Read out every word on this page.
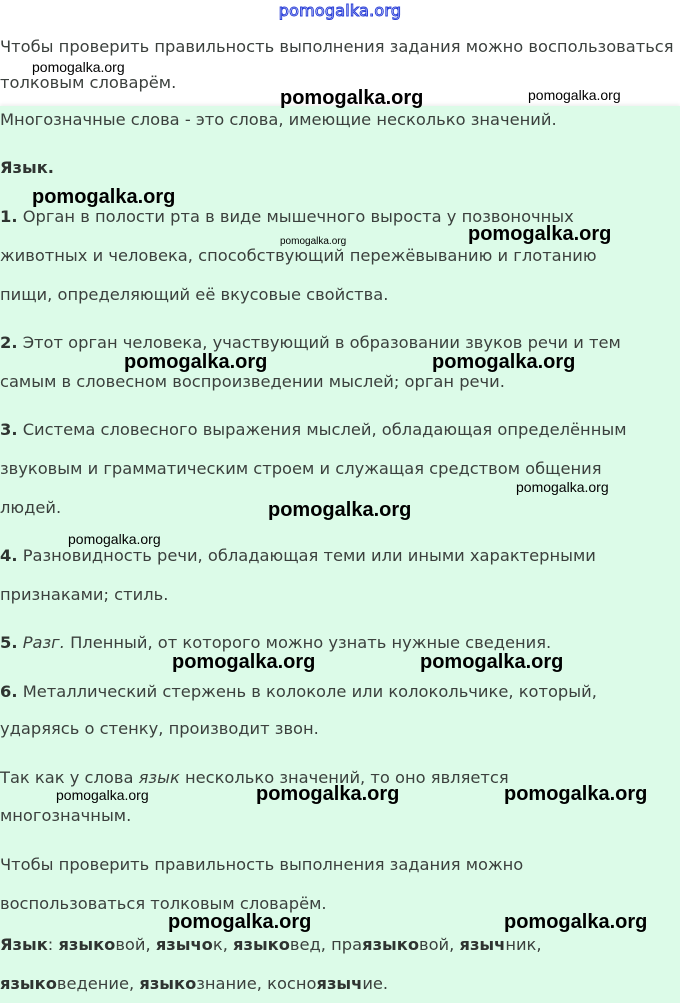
pomogalka.org
Чтобы проверить правильность выполнения задания можно воспользоваться
толковым словарём.
Многозначные слова - это слова, имеющие несколько значений.
Язык.
1. Орган в полости рта в виде мышечного выроста у позвоночных
животных и человека, способствующий пережёвыванию и глотанию
пищи, определяющий её вкусовые свойства.
2. Этот орган человека, участвующий в образовании звуков речи и тем
самым в словесном воспроизведении мыслей; орган речи.
3. Система словесного выражения мыслей, обладающая определённым
звуковым и грамматическим строем и служащая средством общения
людей.
4. Разновидность речи, обладающая теми или иными характерными
признаками; стиль.
5. Разг. Пленный, от которого можно узнать нужные сведения.
6. Металлический стержень в колоколе или колокольчике, который,
ударяясь о стенку, производит звон.
Так как у слова язык несколько значений, то оно является
многозначным.
Чтобы проверить правильность выполнения задания можно
воспользоваться толковым словарём.
Язык: языковой, язычок, языковед, праязыковой, язычник,
языковедение, языкознание, косноязычие.
pomogalka.org
pomogalka.org	pomogalka.org
pomogalka.org
pomogalka.org	pomogalka.org
pomogalka.org	pomogalka.org
pomogalka.org
pomogalka.org
pomogalka.org
pomogalka.org	pomogalka.org
pomogalka.org	pomogalka.org	pomogalka.org
pomogalka.org	pomogalka.org
